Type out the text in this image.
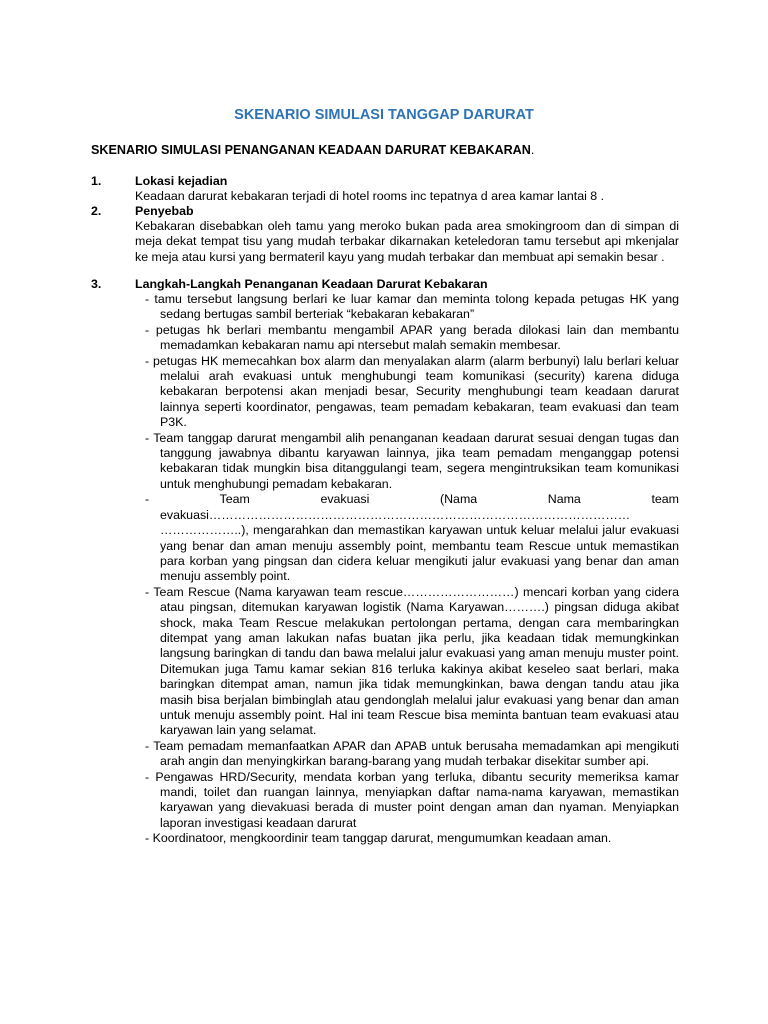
SKENARIO SIMULASI TANGGAP DARURAT

SKENARIO SIMULASI PENANGANAN KEADAAN DARURAT KEBAKARAN.

1.	Lokasi kejadian
Keadaan darurat kebakaran terjadi di hotel rooms inc tepatnya d area kamar lantai 8 .
2.	Penyebab
Kebakaran disebabkan oleh tamu yang meroko bukan pada area smokingroom dan di simpan di meja dekat tempat tisu yang mudah terbakar dikarnakan keteledoran tamu tersebut api mkenjalar ke meja atau kursi yang bermateril kayu yang mudah terbakar dan membuat api semakin besar .
3.	Langkah-Langkah Penanganan Keadaan Darurat Kebakaran
- tamu tersebut langsung berlari ke luar kamar dan meminta tolong kepada petugas HK yang sedang bertugas sambil berteriak “kebakaran kebakaran”
- petugas hk berlari membantu mengambil APAR yang berada dilokasi lain dan membantu memadamkan kebakaran namu api ntersebut malah semakin membesar.
- petugas HK memecahkan box alarm dan menyalakan alarm (alarm berbunyi) lalu berlari keluar melalui arah evakuasi untuk menghubungi team komunikasi (security) karena diduga kebakaran berpotensi akan menjadi besar, Security menghubungi team keadaan darurat lainnya seperti koordinator, pengawas, team pemadam kebakaran, team evakuasi dan team P3K.
- Team tanggap darurat mengambil alih penanganan keadaan darurat sesuai dengan tugas dan tanggung jawabnya dibantu karyawan lainnya, jika team pemadam menganggap potensi kebakaran tidak mungkin bisa ditanggulangi team, segera mengintruksikan team komunikasi untuk menghubungi pemadam kebakaran.
- Team evakuasi (Nama Nama team evakuasi………………………………………………………………………………………… ………………..), mengarahkan dan memastikan karyawan untuk keluar melalui jalur evakuasi yang benar dan aman menuju assembly point, membantu team Rescue untuk memastikan para korban yang pingsan dan cidera keluar mengikuti jalur evakuasi yang benar dan aman menuju assembly point.
- Team Rescue (Nama karyawan team rescue………………………) mencari korban yang cidera atau pingsan, ditemukan karyawan logistik (Nama Karyawan……….) pingsan diduga akibat shock, maka Team Rescue melakukan pertolongan pertama, dengan cara membaringkan ditempat yang aman lakukan nafas buatan jika perlu, jika keadaan tidak memungkinkan langsung baringkan di tandu dan bawa melalui jalur evakuasi yang aman menuju muster point. Ditemukan juga Tamu kamar sekian 816 terluka kakinya akibat keseleo saat berlari, maka baringkan ditempat aman, namun jika tidak memungkinkan, bawa dengan tandu atau jika masih bisa berjalan bimbinglah atau gendonglah melalui jalur evakuasi yang benar dan aman untuk menuju assembly point. Hal ini team Rescue bisa meminta bantuan team evakuasi atau karyawan lain yang selamat.
- Team pemadam memanfaatkan APAR dan APAB untuk berusaha memadamkan api mengikuti arah angin dan menyingkirkan barang-barang yang mudah terbakar disekitar sumber api.
- Pengawas HRD/Security, mendata korban yang terluka, dibantu security memeriksa kamar mandi, toilet dan ruangan lainnya, menyiapkan daftar nama-nama karyawan, memastikan karyawan yang dievakuasi berada di muster point dengan aman dan nyaman. Menyiapkan laporan investigasi keadaan darurat
- Koordinatoor, mengkoordinir team tanggap darurat, mengumumkan keadaan aman.
